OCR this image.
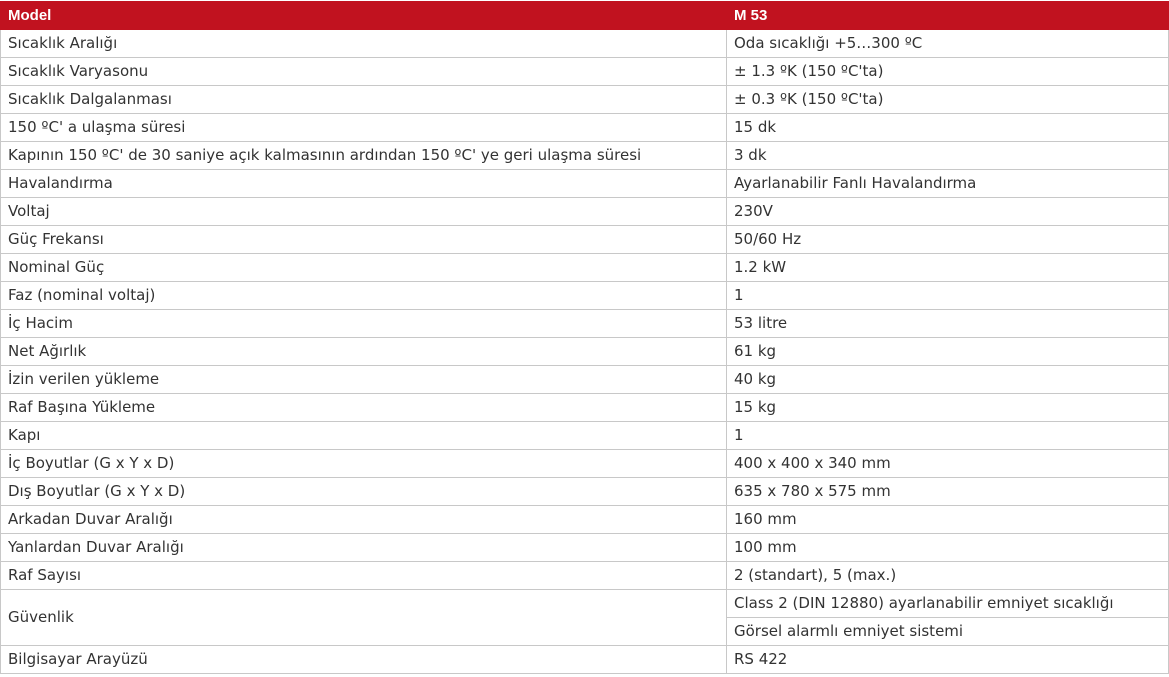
Model	M 53
Sıcaklık Aralığı	Oda sıcaklığı +5…300 ºC
Sıcaklık Varyasonu	± 1.3 ºK (150 ºC'ta)
Sıcaklık Dalgalanması	± 0.3 ºK (150 ºC'ta)
150 ºC' a ulaşma süresi	15 dk
Kapının 150 ºC' de 30 saniye açık kalmasının ardından 150 ºC' ye geri ulaşma süresi	3 dk
Havalandırma	Ayarlanabilir Fanlı Havalandırma
Voltaj	230V
Güç Frekansı	50/60 Hz
Nominal Güç	1.2 kW
Faz (nominal voltaj)	1
İç Hacim	53 litre
Net Ağırlık	61 kg
İzin verilen yükleme	40 kg
Raf Başına Yükleme	15 kg
Kapı	1
İç Boyutlar (G x Y x D)	400 x 400 x 340 mm
Dış Boyutlar (G x Y x D)	635 x 780 x 575 mm
Arkadan Duvar Aralığı	160 mm
Yanlardan Duvar Aralığı	100 mm
Raf Sayısı	2 (standart), 5 (max.)
Güvenlik	Class 2 (DIN 12880) ayarlanabilir emniyet sıcaklığı
	Görsel alarmlı emniyet sistemi
Bilgisayar Arayüzü	RS 422
